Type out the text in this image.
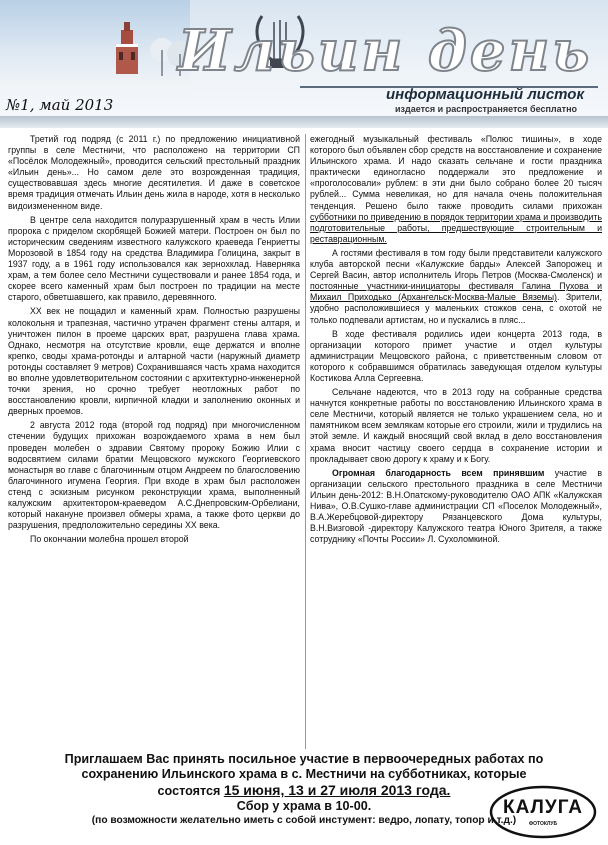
Ильин день
информационный листок
издается и распространяется бесплатно
№1, май 2013

Третий год подряд (с 2011 г.) по предложению инициативной группы в селе Местничи, что расположено на территории СП «Посёлок Молодежный», проводится сельский престольный праздник «Ильин день»... Но самом деле это возрожденная традиция, существовавшая здесь многие десятилетия. И даже в советское время традиция отмечать Ильин день жила в народе, хотя в несколько видоизмененном виде.

В центре села находится полуразрушенный храм в честь Илии пророка с приделом скорбящей Божией матери. Построен он был по историческим сведениям известного калужского краеведа Генриетты Морозовой в 1854 году на средства Владимира Голицина, закрыт в 1937 году, а в 1961 году использовался как зернохклад. Наверняка храм, а тем более село Местничи существовали и ранее 1854 года, и скорее всего каменный храм был построен по традиции на месте старого, обветшавшего, как правило, деревянного.

XX век не пощадил и каменный храм. Полностью разрушены колокольня и трапезная, частично утрачен фрагмент стены алтаря, и уничтожен пилон в проеме царских врат, разрушена глава храма. Однако, несмотря на отсутствие кровли, еще держатся и вполне крепко, своды храма-ротонды и алтарной части (наружный диаметр ротонды составляет 9 метров) Сохранившаяся часть храма находится во вполне удовлетворительном состоянии с архитектурно-инженерной точки зрения, но срочно требует неотложных работ по восстановлению кровли, кирпичной кладки и заполнению оконных и дверных проемов.

2 августа 2012 года (второй год подряд) при многочисленном стечении будущих прихожан возрождаемого храма в нем был проведен молебен о здравии Святому пророку Божию Илии с водосвятием силами братии Мещовского мужского Георгиевского монастыря во главе с благочинным отцом Андреем по благословению благочинного игумена Георгия. При входе в храм был расположен стенд с эскизным рисунком реконструкции храма, выполненный калужским архитектором-краеведом А.С.Днепровским-Орбелиани, который накануне произвел обмеры храма, а также фото церкви до разрушения, предположительно середины XX века.

По окончании молебна прошел второй

ежегодный музыкальный фестиваль «Полюс тишины», в ходе которого был объявлен сбор средств на восстановление и сохранение Ильинского храма. И надо сказать сельчане и гости праздника практически единогласно поддержали это предложение и «проголосовали» рублем: в эти дни было собрано более 20 тысяч рублей... Сумма невеликая, но для начала очень положительная тенденция. Решено было также проводить силами прихожан субботники по приведению в порядок территории храма и производить подготовительные работы, предшествующие строительным и реставрационным.

А гостями фестиваля в том году были представители калужского клуба авторской песни «Калужские барды» Алексей Запорожец и Сергей Васин, автор исполнитель Игорь Петров (Москва-Смоленск) и постоянные участники-инициаторы фестиваля Галина Пухова и Михаил Приходько (Архангельск-Москва-Малые Вяземы). Зрители, удобно расположившиеся у маленьких стожков сена, с охотой не только подпевали артистам, но и пускались в пляс...

В ходе фестиваля родились идеи концерта 2013 года, в организации которого примет участие и отдел культуры администрации Мещовского района, с приветственным словом от которого к собравшимся обратилась заведующая отделом культуры Костикова Алла Сергеевна.

Сельчане надеются, что в 2013 году на собранные средства начнутся конкретные работы по восстановлению Ильинского храма в селе Местничи, который является не только украшением села, но и памятником всем землякам которые его строили, жили и трудились на этой земле. И каждый вносящий свой вклад в дело восстановления храма вносит частицу своего сердца в сохранение истории и прокладывает свою дорогу к храму и к Богу.

Огромная благодарность всем принявшим участие в организации сельского престольного праздника в селе Местничи Ильин день-2012: В.Н.Опатскому-руководителю ОАО АПК «Калужская Нива», О.В.Сушко-главе администрации СП «Поселок Молодежный», В.А.Жеребцовой-директору Рязанцевского Дома культуры, В.Н.Визговой -директору Калужского театра Юного Зрителя, а также сотруднику «Почты России» Л. Сухоломкиной.

Приглашаем Вас принять посильное участие в первоочередных работах по
сохранению Ильинского храма в с. Местничи на субботниках, которые
состоятся 15 июня, 13 и 27 июля 2013 года.
Сбор у храма в 10-00.
(по возможности желательно иметь с собой инстумент: ведро, лопату, топор и т.д.)
КАЛУГА
ФОТОКЛУБ
